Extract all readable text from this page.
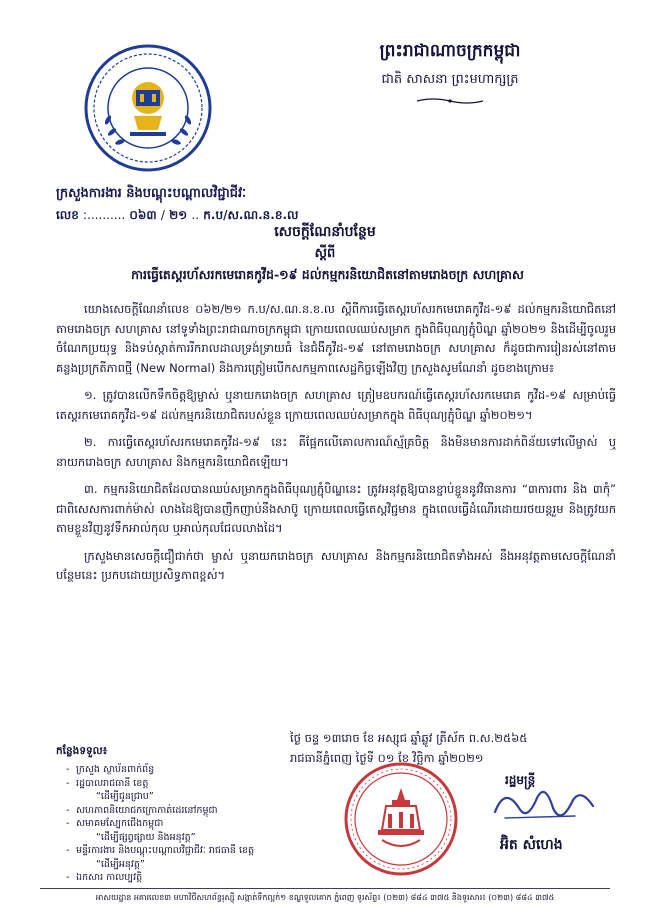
ព្រះរាជាណាចក្រកម្ពុជា
ជាតិ សាសនា ព្រះមហាក្សត្រ
ក្រសួងការងារ និងបណ្តុះបណ្តាលវិជ្ជាជីវៈ
លេខ :.......... ០៦៣ / ២១ .. ក.ប/ស.ណ.ន.ខ.ល
សេចក្តីណែនាំបន្ថែម
ស្តីពី
ការធ្វើតេស្តរហ័សរកមេរោគកូវីដ-១៩ ដល់កម្មករនិយោជិតនៅតាមរោងចក្រ សហគ្រាស

យោងសេចក្តីណែនាំលេខ ០៦២/២១ ក.ប/ស.ណ.ន.ខ.ល ស្តីពីការធ្វើតេស្តរហ័សរកមេរោគកូវីដ-១៩ ដល់កម្មករនិយោជិតនៅតាមរោងចក្រ សហគ្រាស នៅទូទាំងព្រះរាជាណាចក្រកម្ពុជា ក្រោយពេលឈប់សម្រាក ក្នុងពិធីបុណ្យភ្ជុំបិណ្ឌ ឆ្នាំ២០២១ និងដើម្បីចូលរួមចំណែកប្រយុទ្ធ និងទប់ស្កាត់ការរីករាលដាលទ្រង់ទ្រាយធំ នៃជំងឺកូវីដ-១៩ នៅតាមរោងចក្រ សហគ្រាស ក៏ដូចជាការរៀនរស់នៅតាមគន្លងប្រក្រតីភាពថ្មី (New Normal) និងការត្រៀមបើកសកម្មភាពសេដ្ឋកិច្ចឡើងវិញ ក្រសួងសូមណែនាំ ដូចខាងក្រោម៖

១. ត្រូវបានលើកទឹកចិត្តឱ្យម្ចាស់ ឬនាយករោងចក្រ សហគ្រាស ត្រៀមឧបករណ៍ធ្វើតេស្តរហ័សរកមេរោគ កូវីដ-១៩ សម្រាប់ធ្វើតេស្តរកមេរោគកូវីដ-១៩ ដល់កម្មករនិយោជិតរបស់ខ្លួន ក្រោយពេលឈប់សម្រាកក្នុង ពិធីបុណ្យភ្ជុំបិណ្ឌ ឆ្នាំ២០២១។

២. ការធ្វើតេស្តរហ័សរកមេរោគកូវីដ-១៩ នេះ គឺផ្អែកលើគោលការណ៍ស្ម័គ្រចិត្ត និងមិនមានការដាក់ពិន័យទៅលើម្ចាស់ ឬនាយករោងចក្រ សហគ្រាស និងកម្មករនិយោជិតឡើយ។

៣. កម្មករនិយោជិតដែលបានឈប់សម្រាកក្នុងពិធីបុណ្យភ្ជុំបិណ្ឌនេះ ត្រូវអនុវត្តឱ្យបានខ្ជាប់ខ្ជួននូវវិធានការ “៣ការពារ និង ៣កុំ” ជាពិសេសការពាក់ម៉ាស់ លាងដៃឱ្យបានញឹកញាប់នឹងសាប៊ូ ក្រោយពេលធ្វើតេស្តវិជ្ជមាន ក្នុងពេលធ្វើដំណើរដោយរថយន្តរួម និងត្រូវយកតាមខ្លួនវិញនូវទឹកអាល់កុល ឬអាល់កុលជែលលាងដៃ។

ក្រសួងមានសេចក្តីជឿជាក់ថា ម្ចាស់ ឬនាយករោងចក្រ សហគ្រាស និងកម្មករនិយោជិតទាំងអស់ នឹងអនុវត្តតាមសេចក្តីណែនាំបន្ថែមនេះ ប្រកបដោយប្រសិទ្ធភាពខ្ពស់។

ថ្ងៃ ចន្ទ ១៣រោច ខែ អស្សុជ ឆ្នាំឆ្លូវ ត្រីស័ក ព.ស.២៥៦៥
រាជធានីភ្នំពេញ ថ្ងៃទី ០១ ខែ វិច្ឆិកា ឆ្នាំ២០២១
រដ្ឋមន្ត្រី
អ៊ិត សំហេង
កន្លែងទទួល៖
- ក្រសួង ស្ថាប័នពាក់ព័ន្ធ
- រដ្ឋបាលរាជធានី ខេត្ត
“ដើម្បីជូនជ្រាប”
- សហភាពនិយោជកក្រោកាត់ដេរនៅកម្ពុជា
- សមាគមស្បែកជើងកម្ពុជា
“ដើម្បីផ្សព្វផ្សាយ និងអនុវត្ត”
- មន្ទីរការងារ និងបណ្តុះបណ្តាលវិជ្ជាជីវៈ រាជធានី ខេត្ត
“ដើម្បីអនុវត្ត”
- ឯកសារ កាលប្បវត្តិ
អាសយដ្ឋាន អគារលេខ៣ មហាវិថីសហព័ន្ធរុស្ស៊ី សង្កាត់ទឹកល្អក់១ ខណ្ឌទួលគោក ភ្នំពេញ ទូរស័ព្ទ៖ (០២៣) ៨៨៤ ៣៧៥ និងទូរសារ៖ (០២៣) ៨៨៤ ៣៧៥
